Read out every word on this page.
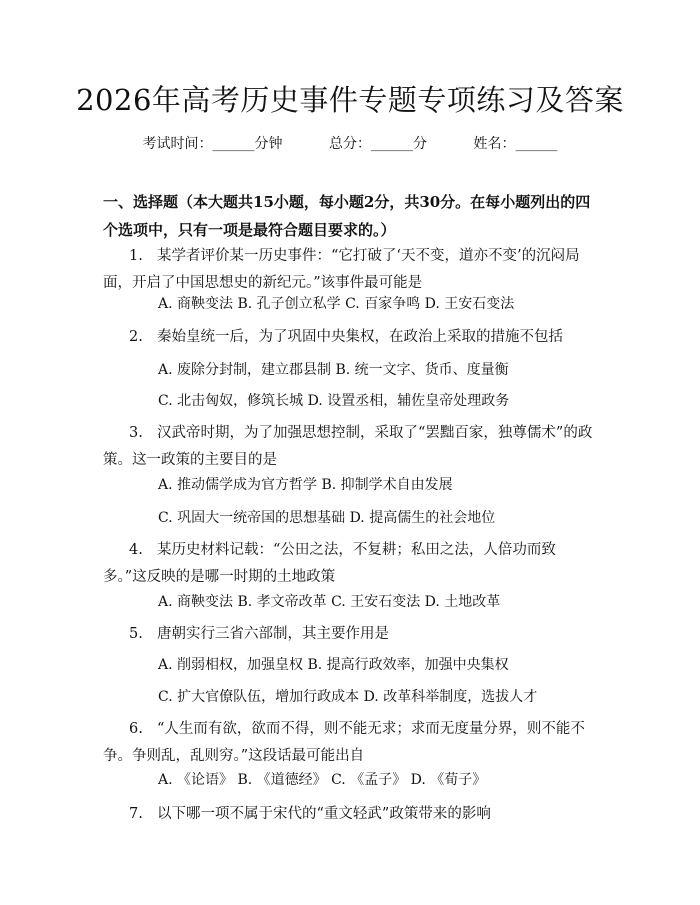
2026年高考历史事件专题专项练习及答案
考试时间：______分钟	总分：______分	姓名：______
一、选择题（本大题共15小题，每小题2分，共30分。在每小题列出的四个选项中，只有一项是最符合题目要求的。）
1. 某学者评价某一历史事件：“它打破了‘天不变，道亦不变’的沉闷局面，开启了中国思想史的新纪元。”该事件最可能是
A. 商鞅变法 B. 孔子创立私学 C. 百家争鸣 D. 王安石变法
2. 秦始皇统一后，为了巩固中央集权，在政治上采取的措施不包括
A. 废除分封制，建立郡县制 B. 统一文字、货币、度量衡
C. 北击匈奴，修筑长城 D. 设置丞相，辅佐皇帝处理政务
3. 汉武帝时期，为了加强思想控制，采取了“罢黜百家，独尊儒术”的政策。这一政策的主要目的是
A. 推动儒学成为官方哲学 B. 抑制学术自由发展
C. 巩固大一统帝国的思想基础 D. 提高儒生的社会地位
4. 某历史材料记载：“公田之法，不复耕；私田之法，人倍功而致多。”这反映的是哪一时期的土地政策
A. 商鞅变法 B. 孝文帝改革 C. 王安石变法 D. 土地改革
5. 唐朝实行三省六部制，其主要作用是
A. 削弱相权，加强皇权 B. 提高行政效率，加强中央集权
C. 扩大官僚队伍，增加行政成本 D. 改革科举制度，选拔人才
6. “人生而有欲，欲而不得，则不能无求；求而无度量分界，则不能不争。争则乱，乱则穷。”这段话最可能出自
A. 《论语》 B. 《道德经》 C. 《孟子》 D. 《荀子》
7. 以下哪一项不属于宋代的“重文轻武”政策带来的影响
